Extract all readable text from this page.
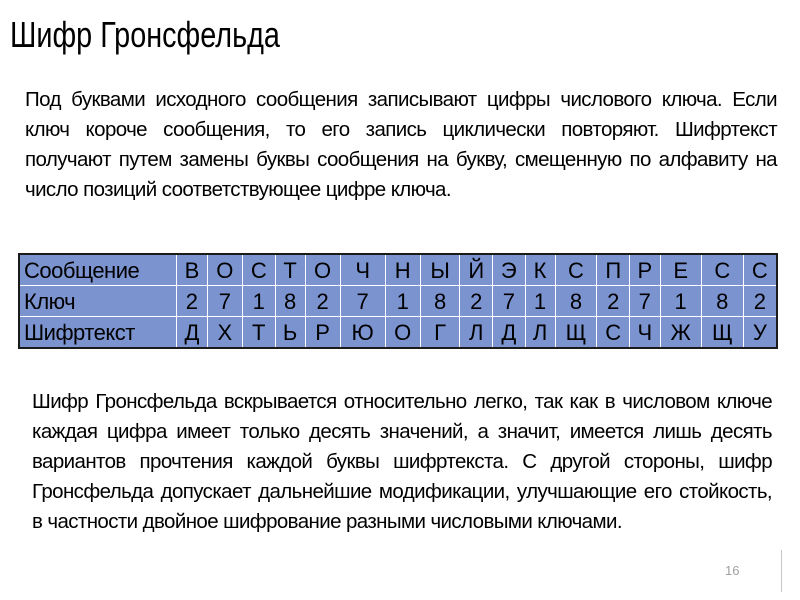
Шифр Гронсфельда
Под буквами исходного сообщения записывают цифры числового ключа. Если ключ короче сообщения, то его запись циклически повторяют. Шифртекст получают путем замены буквы сообщения на букву, смещенную по алфавиту на число позиций соответствующее цифре ключа.
Сообщение	В	О	С	Т	О	Ч	Н	Ы	Й	Э	К	С	П	Р	Е	С	С
Ключ	2	7	1	8	2	7	1	8	2	7	1	8	2	7	1	8	2
Шифртекст	Д	Х	Т	Ь	Р	Ю	О	Г	Л	Д	Л	Щ	С	Ч	Ж	Щ	У
Шифр Гронсфельда вскрывается относительно легко, так как в числовом ключе каждая цифра имеет только десять значений, а значит, имеется лишь десять вариантов прочтения каждой буквы шифртекста. С другой стороны, шифр Гронсфельда допускает дальнейшие модификации, улучшающие его стойкость, в частности двойное шифрование разными числовыми ключами.
16
